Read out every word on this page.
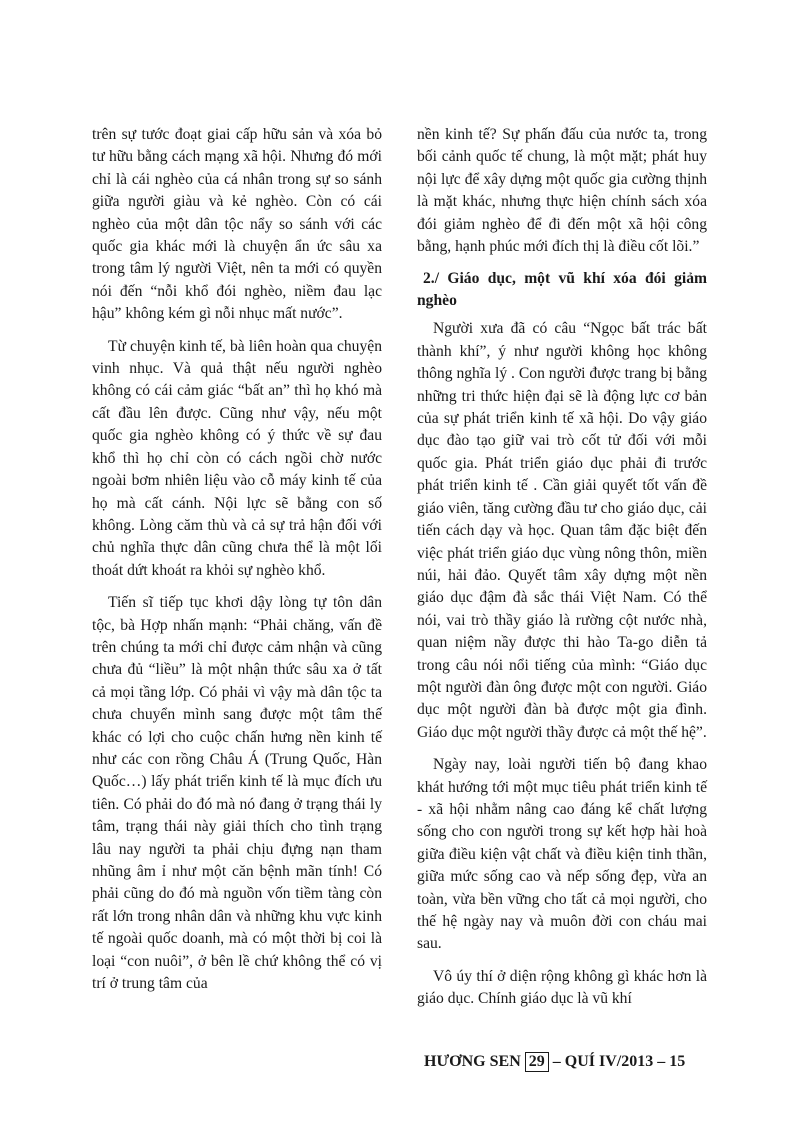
trên sự tước đoạt giai cấp hữu sản và xóa bỏ tư hữu bằng cách mạng xã hội. Nhưng đó mới chỉ là cái nghèo của cá nhân trong sự so sánh giữa người giàu và kẻ nghèo. Còn có cái nghèo của một dân tộc nẩy so sánh với các quốc gia khác mới là chuyện ẩn ức sâu xa trong tâm lý người Việt, nên ta mới có quyền nói đến “nỗi khổ đói nghèo, niềm đau lạc hậu” không kém gì nỗi nhục mất nước”.

Từ chuyện kinh tế, bà liên hoàn qua chuyện vinh nhục. Và quả thật nếu người nghèo không có cái cảm giác “bất an” thì họ khó mà cất đầu lên được. Cũng như vậy, nếu một quốc gia nghèo không có ý thức về sự đau khổ thì họ chỉ còn có cách ngồi chờ nước ngoài bơm nhiên liệu vào cỗ máy kinh tế của họ mà cất cánh. Nội lực sẽ bằng con số không. Lòng căm thù và cả sự trả hận đối với chủ nghĩa thực dân cũng chưa thể là một lối thoát dứt khoát ra khỏi sự nghèo khổ.

Tiến sĩ tiếp tục khơi dậy lòng tự tôn dân tộc, bà Hợp nhấn mạnh: “Phải chăng, vấn đề trên chúng ta mới chỉ được cảm nhận và cũng chưa đủ “liều” là một nhận thức sâu xa ở tất cả mọi tầng lớp. Có phải vì vậy mà dân tộc ta chưa chuyển mình sang được một tâm thế khác có lợi cho cuộc chấn hưng nền kinh tế như các con rồng Châu Á (Trung Quốc, Hàn Quốc…) lấy phát triển kinh tế là mục đích ưu tiên. Có phải do đó mà nó đang ở trạng thái ly tâm, trạng thái này giải thích cho tình trạng lâu nay người ta phải chịu đựng nạn tham nhũng âm ỉ như một căn bệnh mãn tính! Có phải cũng do đó mà nguồn vốn tiềm tàng còn rất lớn trong nhân dân và những khu vực kinh tế ngoài quốc doanh, mà có một thời bị coi là loại “con nuôi”, ở bên lề chứ không thể có vị trí ở trung tâm của

nền kinh tế? Sự phấn đấu của nước ta, trong bối cảnh quốc tế chung, là một mặt; phát huy nội lực để xây dựng một quốc gia cường thịnh là mặt khác, nhưng thực hiện chính sách xóa đói giảm nghèo để đi đến một xã hội công bằng, hạnh phúc mới đích thị là điều cốt lõi.”

2./ Giáo dục, một vũ khí xóa đói giảm nghèo

Người xưa đã có câu “Ngọc bất trác bất thành khí”, ý như người không học không thông nghĩa lý . Con người được trang bị bằng những tri thức hiện đại sẽ là động lực cơ bản của sự phát triển kinh tế xã hội. Do vậy giáo dục đào tạo giữ vai trò cốt tử đối với mỗi quốc gia. Phát triển giáo dục phải đi trước phát triển kinh tế . Cần giải quyết tốt vấn đề giáo viên, tăng cường đầu tư cho giáo dục, cải tiến cách dạy và học. Quan tâm đặc biệt đến việc phát triển giáo dục vùng nông thôn, miền núi, hải đảo. Quyết tâm xây dựng một nền giáo dục đậm đà sắc thái Việt Nam. Có thể nói, vai trò thầy giáo là rường cột nước nhà, quan niệm nầy được thi hào Ta-go diễn tả trong câu nói nổi tiếng của mình: “Giáo dục một người đàn ông được một con người. Giáo dục một người đàn bà được một gia đình. Giáo dục một người thầy được cả một thế hệ”.

Ngày nay, loài người tiến bộ đang khao khát hướng tới một mục tiêu phát triển kinh tế - xã hội nhằm nâng cao đáng kể chất lượng sống cho con người trong sự kết hợp hài hoà giữa điều kiện vật chất và điều kiện tinh thần, giữa mức sống cao và nếp sống đẹp, vừa an toàn, vừa bền vững cho tất cả mọi người, cho thế hệ ngày nay và muôn đời con cháu mai sau.

Vô úy thí ở diện rộng không gì khác hơn là giáo dục. Chính giáo dục là vũ khí

HƯƠNG SEN 29 – QUÍ IV/2013 – 15
